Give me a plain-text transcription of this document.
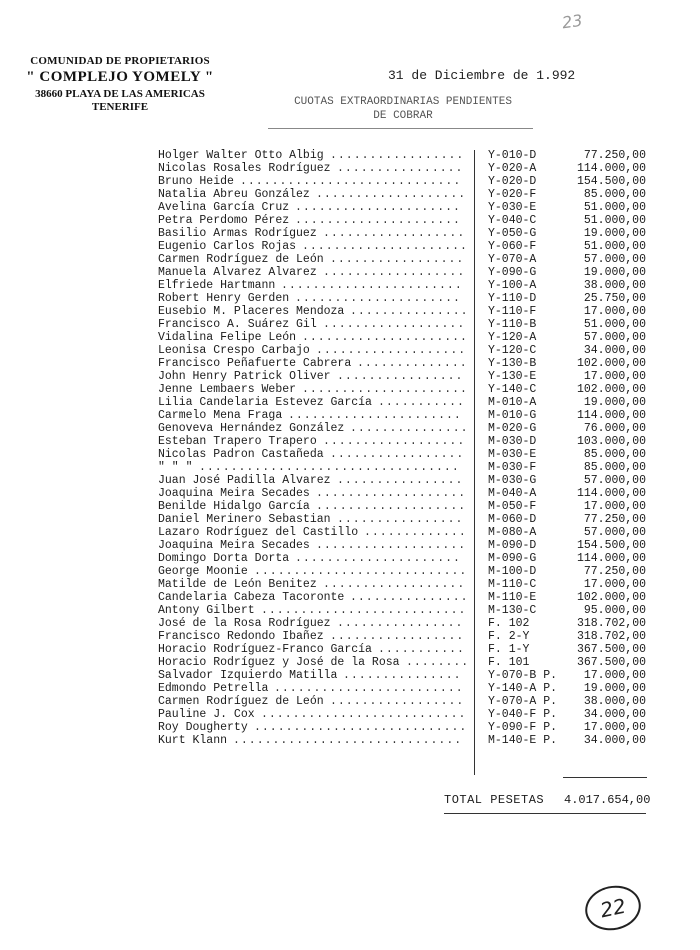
23
COMUNIDAD DE PROPIETARIOS
" COMPLEJO YOMELY "
38660 PLAYA DE LAS AMERICAS
TENERIFE
31 de Diciembre de 1.992
CUOTAS EXTRAORDINARIAS PENDIENTES
DE COBRAR
Holger Walter Otto Albig .................	Y-010-D	77.250,00
Nicolas Rosales Rodríguez ................	Y-020-A	114.000,00
Bruno Heide ............................	Y-020-D	154.500,00
Natalia Abreu González ...................	Y-020-F	85.000,00
Avelina García Cruz .....................	Y-030-E	51.000,00
Petra Perdomo Pérez .....................	Y-040-C	51.000,00
Basilio Armas Rodríguez ..................	Y-050-G	19.000,00
Eugenio Carlos Rojas ..................... Y-060-F	51.000,00
Carmen Rodríguez de León .................	Y-070-A	57.000,00
Manuela Alvarez Alvarez ..................	Y-090-G	19.000,00
Elfriede Hartmann .......................	Y-100-A	38.000,00
Robert Henry Gerden .....................	Y-110-D	25.750,00
Eusebio M. Placeres Mendoza ............... Y-110-F	17.000,00
Francisco A. Suárez Gil ..................	Y-110-B	51.000,00
Vidalina Felipe León ..................... Y-120-A	57.000,00
Leonisa Crespo Carbajo ...................	Y-120-C	34.000,00
Francisco Peñafuerte Cabrera .............. Y-130-B	102.000,00
John Henry Patrick Oliver ................	Y-130-E	17.000,00
Jenne Lembaers Weber ..................... Y-140-C	102.000,00
Lilia Candelaria Estevez García ...........	M-010-A	19.000,00
Carmelo Mena Fraga ......................	M-010-G	114.000,00
Genoveva Hernández González ............... M-020-G	76.000,00
Esteban Trapero Trapero ..................	M-030-D	103.000,00
Nicolas Padron Castañeda .................	M-030-E	85.000,00
" " " .................................	M-030-F	85.000,00
Juan José Padilla Alvarez ................	M-030-G	57.000,00
Joaquina Meira Secades ...................	M-040-A	114.000,00
Benilde Hidalgo García ...................	M-050-F	17.000,00
Daniel Merinero Sebastian ................	M-060-D	77.250,00
Lazaro Rodríguez del Castillo ............. M-080-A	57.000,00
Joaquina Meira Secades ...................	M-090-D	154.500,00
Domingo Dorta Dorta .....................	M-090-G	114.000,00
George Moonie ........................... M-100-D	77.250,00
Matilde de León Benitez ..................	M-110-C	17.000,00
Candelaria Cabeza Tacoronte ............... M-110-E	102.000,00
Antony Gilbert ..........................	M-130-C	95.000,00
José de la Rosa Rodríguez ................	F. 102	318.702,00
Francisco Redondo Ibañez .................	F. 2-Y	318.702,00
Horacio Rodríguez-Franco García ...........	F. 1-Y	367.500,00
Horacio Rodríguez y José de la Rosa ........ F. 101	367.500,00
Salvador Izquierdo Matilla ...............	Y-070-B P. 17.000,00
Edmondo Petrella ........................	Y-140-A P. 19.000,00
Carmen Rodríguez de León .................	Y-070-A P. 38.000,00
Pauline J. Cox ..........................	Y-040-F P. 34.000,00
Roy Dougherty ........................... Y-090-F P. 17.000,00
Kurt Klann .............................	M-140-E P. 34.000,00
TOTAL PESETAS 4.017.654,00
22
